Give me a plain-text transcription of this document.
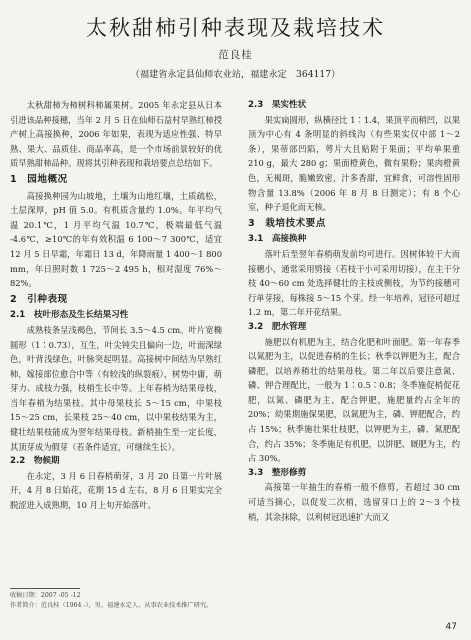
太秋甜柿引种表现及栽培技术
范良桂
（福建省永定县仙师农业站，福建永定　364117）

太秋甜柿为柿树科柿属果树。2005 年永定县从日本引进该品种接穗，当年 2 月 5 日在仙师石益村早熟红柿授产树上高接换种，2006 年如果，表现为适应性强、特早熟、果大、品质佳、商品率高，是一个市场前景较好的优质早熟甜柿品种。现将其引种表现和栽培要点总结如下。

1　园地概况

高接换种园为山坡地，土壤为山地红壤，土质疏松，土层深厚，pH 值 5.0。有机质含量约 1.0%。年平均气温 20.1℃，1 月平均气温 10.7℃，极端最低气温 -4.6℃，≥10℃的年有效积温 6 100～7 300℃，适宜 12 月 5 日早霜，年霜日 13 d，年降雨量 1 400～1 800 mm，年日照时数 1 725～2 495 h，相对湿度 76%～82%。

2　引种表现
2.1　枝叶形态及生长结果习性

成熟枝条呈浅褐色，节间长 3.5～4.5 cm。叶片宽椭圆形（1∶0.73），互生，叶尖钝尖且偏向一边，叶面深绿色，叶背浅绿色，叶脉突起明显。高接树中间结为早熟红柿，嫁接部位愈合中等（有较浅的纵裂痕），树势中庸，萌芽力、成枝力强，枝梢生长中等。上年春梢为结果母枝，当年春梢为结果枝。其中母果枝长 5～15 cm，中果枝 15～25 cm，长果枝 25～40 cm，以中果枝结果为主，健壮结果枝能成为翌年结果母枝。新梢抽生至一定长度，其顶芽成为假芽（若条件适宜，可继续生长）。

2.2　物候期

在永定，3 月 6 日春梢萌芽，3 月 20 日第一片叶展开，4 月 8 日始花，花期 15 d 左右，8 月 6 日果实完全脱涩进入成熟期，10 月上旬开始落叶。

2.3　果实性状

果实扁圆形，纵横径比 1∶1.4，果顶平而稍凹，以果顶为中心有 4 条明显的斜线沟（有些果实仅中部 1～2 条），果蒂部凹陷，萼片大且贴附于果面；平均单果重 210 g，最大 280 g；果面橙黄色，微有果粉；果肉橙黄色，无褐斑，脆嫩致密，汁多香甜，宜鲜食，可溶性固形物含量 13.8%（2006 年 8 月 8 日测定）；有 8 个心室，种子退化而无核。

3　栽培技术要点
3.1　高接换种

落叶后至翌年春梢萌发前均可进行。因树体较干大而接穗小，通常采用劈接（若枝干小可采用切接），在主干分枝 40～60 cm 处选择健壮的主枝或侧枝，为节约接穗可行单芽接，每株接 5～15 个芽。经一年培养，冠径可超过 1.2 m，第二年开花结果。

3.2　肥水管理

施肥以有机肥为主，结合化肥和叶面肥。第一年春季以氮肥为主，以促进春梢的生长；秋季以钾肥为主，配合磷肥，以培养稍壮的结果母枝。第二年以后要注意氮、磷、钾合理配比，一般为 1∶0.5∶0.8；冬季施促梢促花肥，以氮、磷肥为主，配合钾肥，施肥量约占全年的 20%；幼果期施保果肥，以氮肥为主，磷、钾肥配合，约占 15%；秋季施壮果壮枝肥，以钾肥为主，磷、氮肥配合，约占 35%；冬季施足有机肥，以饼肥、厩肥为主，约占 30%。

3.3　整形修剪

高接第一年抽生的春梢一般不修剪，若超过 30 cm 可适当摘心，以促发二次梢，选留芽口上的 2～3 个枝梢，其余抹除，以利树冠迅速扩大而又

收稿日期：2007 -05 -12
作者简介：范良桂（1964 -），男，福建永定人，从事农业技术推广研究。
47
